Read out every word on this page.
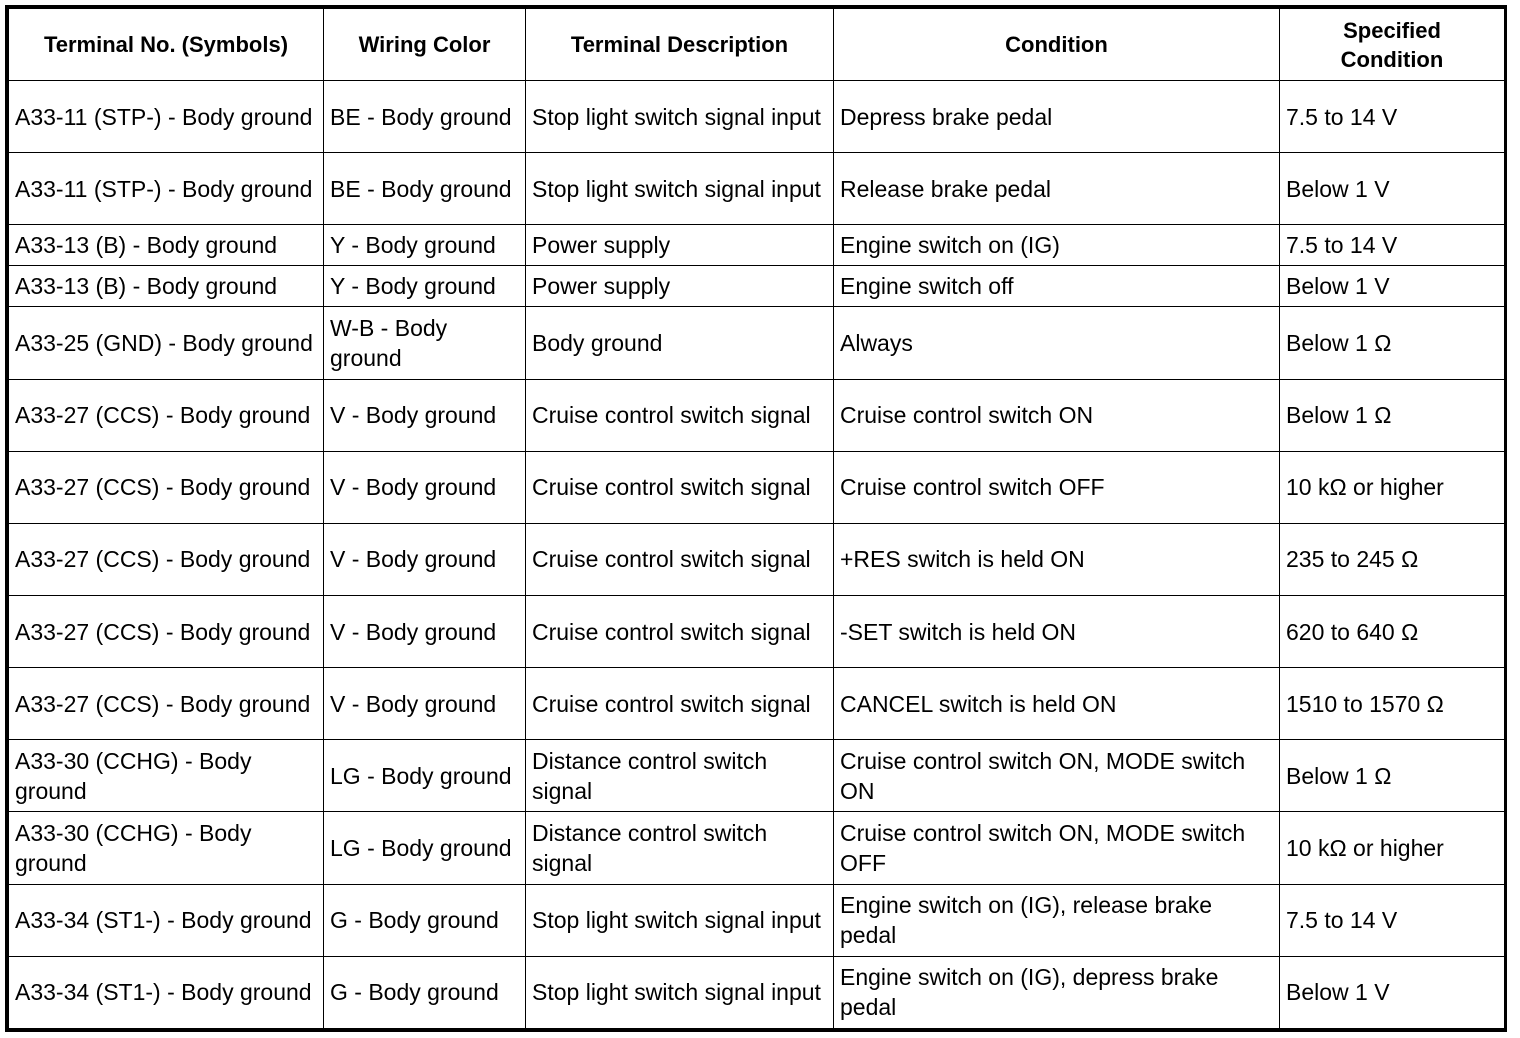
Terminal No. (Symbols)	Wiring Color	Terminal Description	Condition	Specified Condition
A33-11 (STP-) - Body ground	BE - Body ground	Stop light switch signal input	Depress brake pedal	7.5 to 14 V
A33-11 (STP-) - Body ground	BE - Body ground	Stop light switch signal input	Release brake pedal	Below 1 V
A33-13 (B) - Body ground	Y - Body ground	Power supply	Engine switch on (IG)	7.5 to 14 V
A33-13 (B) - Body ground	Y - Body ground	Power supply	Engine switch off	Below 1 V
A33-25 (GND) - Body ground	W-B - Body ground	Body ground	Always	Below 1 Ω
A33-27 (CCS) - Body ground	V - Body ground	Cruise control switch signal	Cruise control switch ON	Below 1 Ω
A33-27 (CCS) - Body ground	V - Body ground	Cruise control switch signal	Cruise control switch OFF	10 kΩ or higher
A33-27 (CCS) - Body ground	V - Body ground	Cruise control switch signal	+RES switch is held ON	235 to 245 Ω
A33-27 (CCS) - Body ground	V - Body ground	Cruise control switch signal	-SET switch is held ON	620 to 640 Ω
A33-27 (CCS) - Body ground	V - Body ground	Cruise control switch signal	CANCEL switch is held ON	1510 to 1570 Ω
A33-30 (CCHG) - Body ground	LG - Body ground	Distance control switch signal	Cruise control switch ON, MODE switch ON	Below 1 Ω
A33-30 (CCHG) - Body ground	LG - Body ground	Distance control switch signal	Cruise control switch ON, MODE switch OFF	10 kΩ or higher
A33-34 (ST1-) - Body ground	G - Body ground	Stop light switch signal input	Engine switch on (IG), release brake pedal	7.5 to 14 V
A33-34 (ST1-) - Body ground	G - Body ground	Stop light switch signal input	Engine switch on (IG), depress brake pedal	Below 1 V
